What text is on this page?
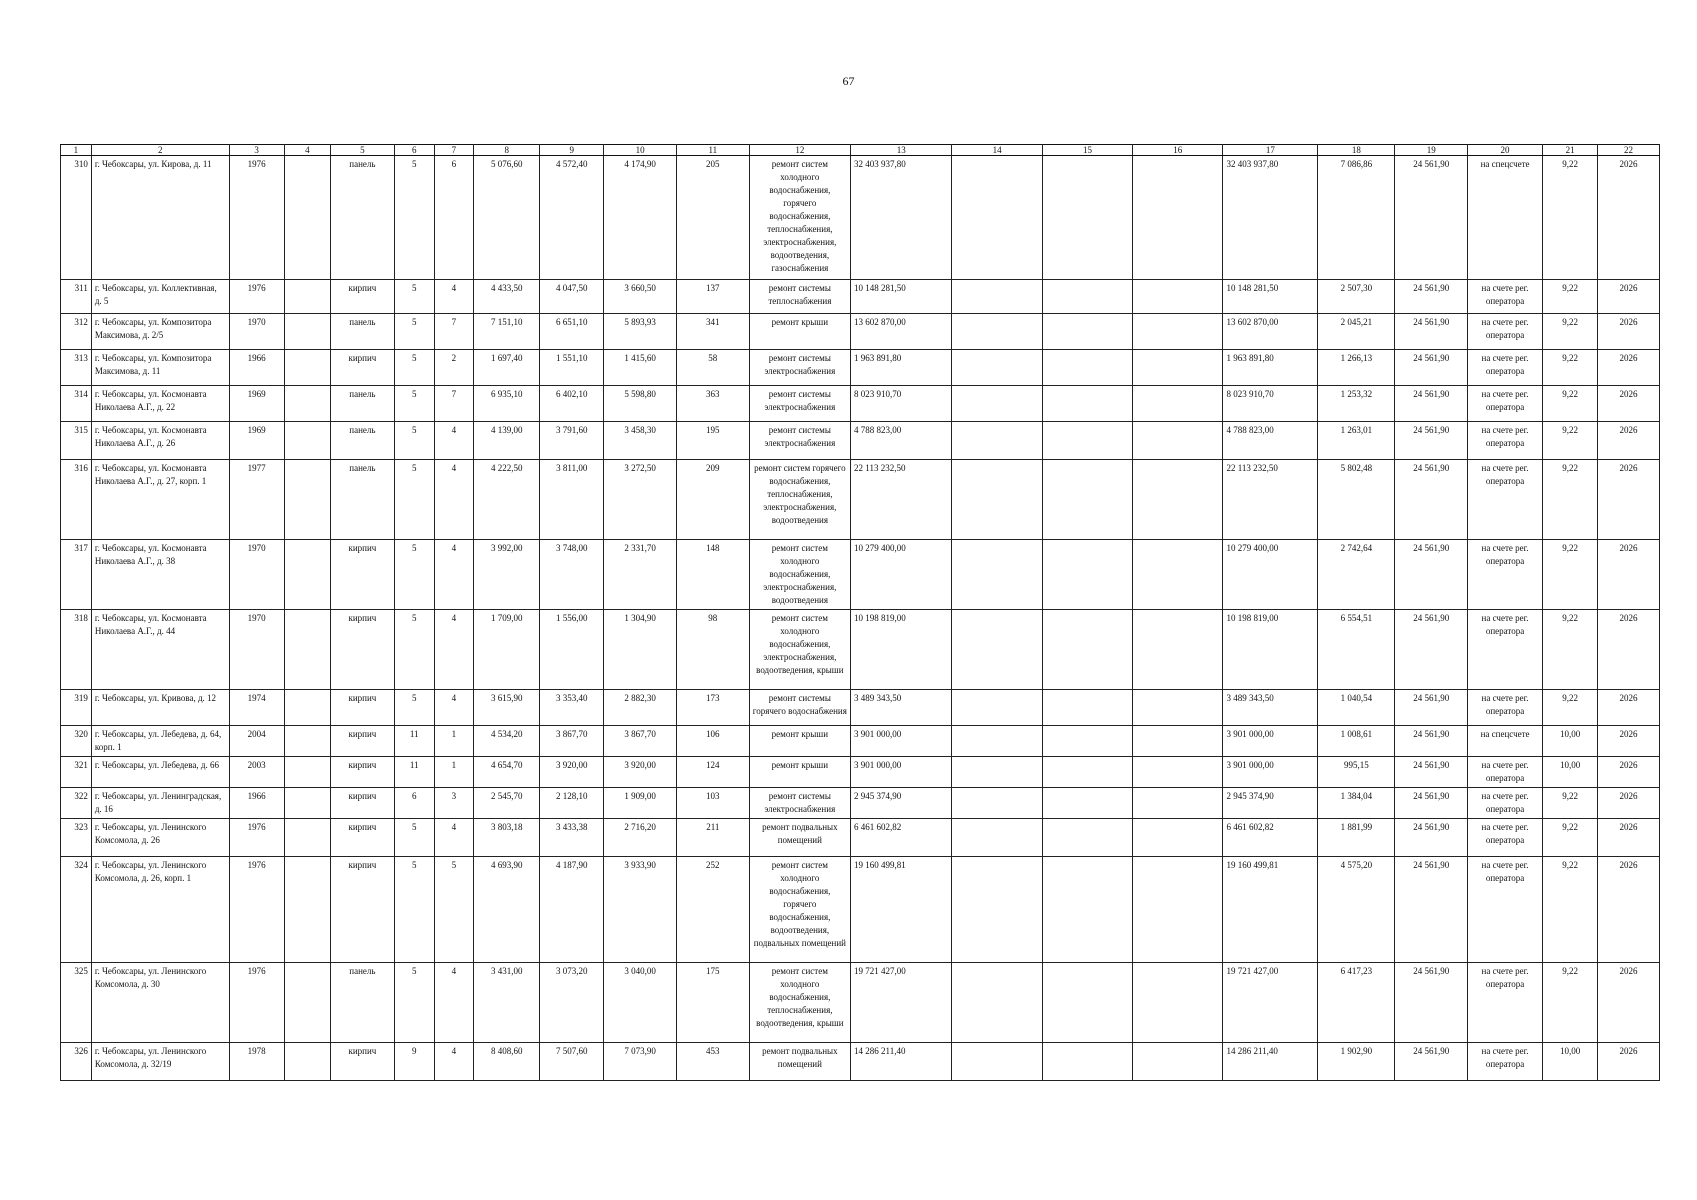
67
1	2	3	4	5	6	7	8	9	10	11	12	13	14	15	16	17	18	19	20	21	22
310	г. Чебоксары, ул. Кирова, д. 11	1976		панель	5	6	5 076,60	4 572,40	4 174,90	205	ремонт систем холодного водоснабжения, горячего водоснабжения, теплоснабжения, электроснабжения, водоотведения, газоснабжения	32 403 937,80				32 403 937,80	7 086,86	24 561,90	на спецсчете	9,22	2026
311	г. Чебоксары, ул. Коллективная, д. 5	1976		кирпич	5	4	4 433,50	4 047,50	3 660,50	137	ремонт системы теплоснабжения	10 148 281,50				10 148 281,50	2 507,30	24 561,90	на счете рег. оператора	9,22	2026
312	г. Чебоксары, ул. Композитора Максимова, д. 2/5	1970		панель	5	7	7 151,10	6 651,10	5 893,93	341	ремонт крыши	13 602 870,00				13 602 870,00	2 045,21	24 561,90	на счете рег. оператора	9,22	2026
313	г. Чебоксары, ул. Композитора Максимова, д. 11	1966		кирпич	5	2	1 697,40	1 551,10	1 415,60	58	ремонт системы электроснабжения	1 963 891,80				1 963 891,80	1 266,13	24 561,90	на счете рег. оператора	9,22	2026
314	г. Чебоксары, ул. Космонавта Николаева А.Г., д. 22	1969		панель	5	7	6 935,10	6 402,10	5 598,80	363	ремонт системы электроснабжения	8 023 910,70				8 023 910,70	1 253,32	24 561,90	на счете рег. оператора	9,22	2026
315	г. Чебоксары, ул. Космонавта Николаева А.Г., д. 26	1969		панель	5	4	4 139,00	3 791,60	3 458,30	195	ремонт системы электроснабжения	4 788 823,00				4 788 823,00	1 263,01	24 561,90	на счете рег. оператора	9,22	2026
316	г. Чебоксары, ул. Космонавта Николаева А.Г., д. 27, корп. 1	1977		панель	5	4	4 222,50	3 811,00	3 272,50	209	ремонт систем горячего водоснабжения, теплоснабжения, электроснабжения, водоотведения	22 113 232,50				22 113 232,50	5 802,48	24 561,90	на счете рег. оператора	9,22	2026
317	г. Чебоксары, ул. Космонавта Николаева А.Г., д. 38	1970		кирпич	5	4	3 992,00	3 748,00	2 331,70	148	ремонт систем холодного водоснабжения, электроснабжения, водоотведения	10 279 400,00				10 279 400,00	2 742,64	24 561,90	на счете рег. оператора	9,22	2026
318	г. Чебоксары, ул. Космонавта Николаева А.Г., д. 44	1970		кирпич	5	4	1 709,00	1 556,00	1 304,90	98	ремонт систем холодного водоснабжения, электроснабжения, водоотведения, крыши	10 198 819,00				10 198 819,00	6 554,51	24 561,90	на счете рег. оператора	9,22	2026
319	г. Чебоксары, ул. Кривова, д. 12	1974		кирпич	5	4	3 615,90	3 353,40	2 882,30	173	ремонт системы горячего водоснабжения	3 489 343,50				3 489 343,50	1 040,54	24 561,90	на счете рег. оператора	9,22	2026
320	г. Чебоксары, ул. Лебедева, д. 64, корп. 1	2004		кирпич	11	1	4 534,20	3 867,70	3 867,70	106	ремонт крыши	3 901 000,00				3 901 000,00	1 008,61	24 561,90	на спецсчете	10,00	2026
321	г. Чебоксары, ул. Лебедева, д. 66	2003		кирпич	11	1	4 654,70	3 920,00	3 920,00	124	ремонт крыши	3 901 000,00				3 901 000,00	995,15	24 561,90	на счете рег. оператора	10,00	2026
322	г. Чебоксары, ул. Ленинградская, д. 16	1966		кирпич	6	3	2 545,70	2 128,10	1 909,00	103	ремонт системы электроснабжения	2 945 374,90				2 945 374,90	1 384,04	24 561,90	на счете рег. оператора	9,22	2026
323	г. Чебоксары, ул. Ленинского Комсомола, д. 26	1976		кирпич	5	4	3 803,18	3 433,38	2 716,20	211	ремонт подвальных помещений	6 461 602,82				6 461 602,82	1 881,99	24 561,90	на счете рег. оператора	9,22	2026
324	г. Чебоксары, ул. Ленинского Комсомола, д. 26, корп. 1	1976		кирпич	5	5	4 693,90	4 187,90	3 933,90	252	ремонт систем холодного водоснабжения, горячего водоснабжения, водоотведения, подвальных помещений	19 160 499,81				19 160 499,81	4 575,20	24 561,90	на счете рег. оператора	9,22	2026
325	г. Чебоксары, ул. Ленинского Комсомола, д. 30	1976		панель	5	4	3 431,00	3 073,20	3 040,00	175	ремонт систем холодного водоснабжения, теплоснабжения, водоотведения, крыши	19 721 427,00				19 721 427,00	6 417,23	24 561,90	на счете рег. оператора	9,22	2026
326	г. Чебоксары, ул. Ленинского Комсомола, д. 32/19	1978		кирпич	9	4	8 408,60	7 507,60	7 073,90	453	ремонт подвальных помещений	14 286 211,40				14 286 211,40	1 902,90	24 561,90	на счете рег. оператора	10,00	2026
